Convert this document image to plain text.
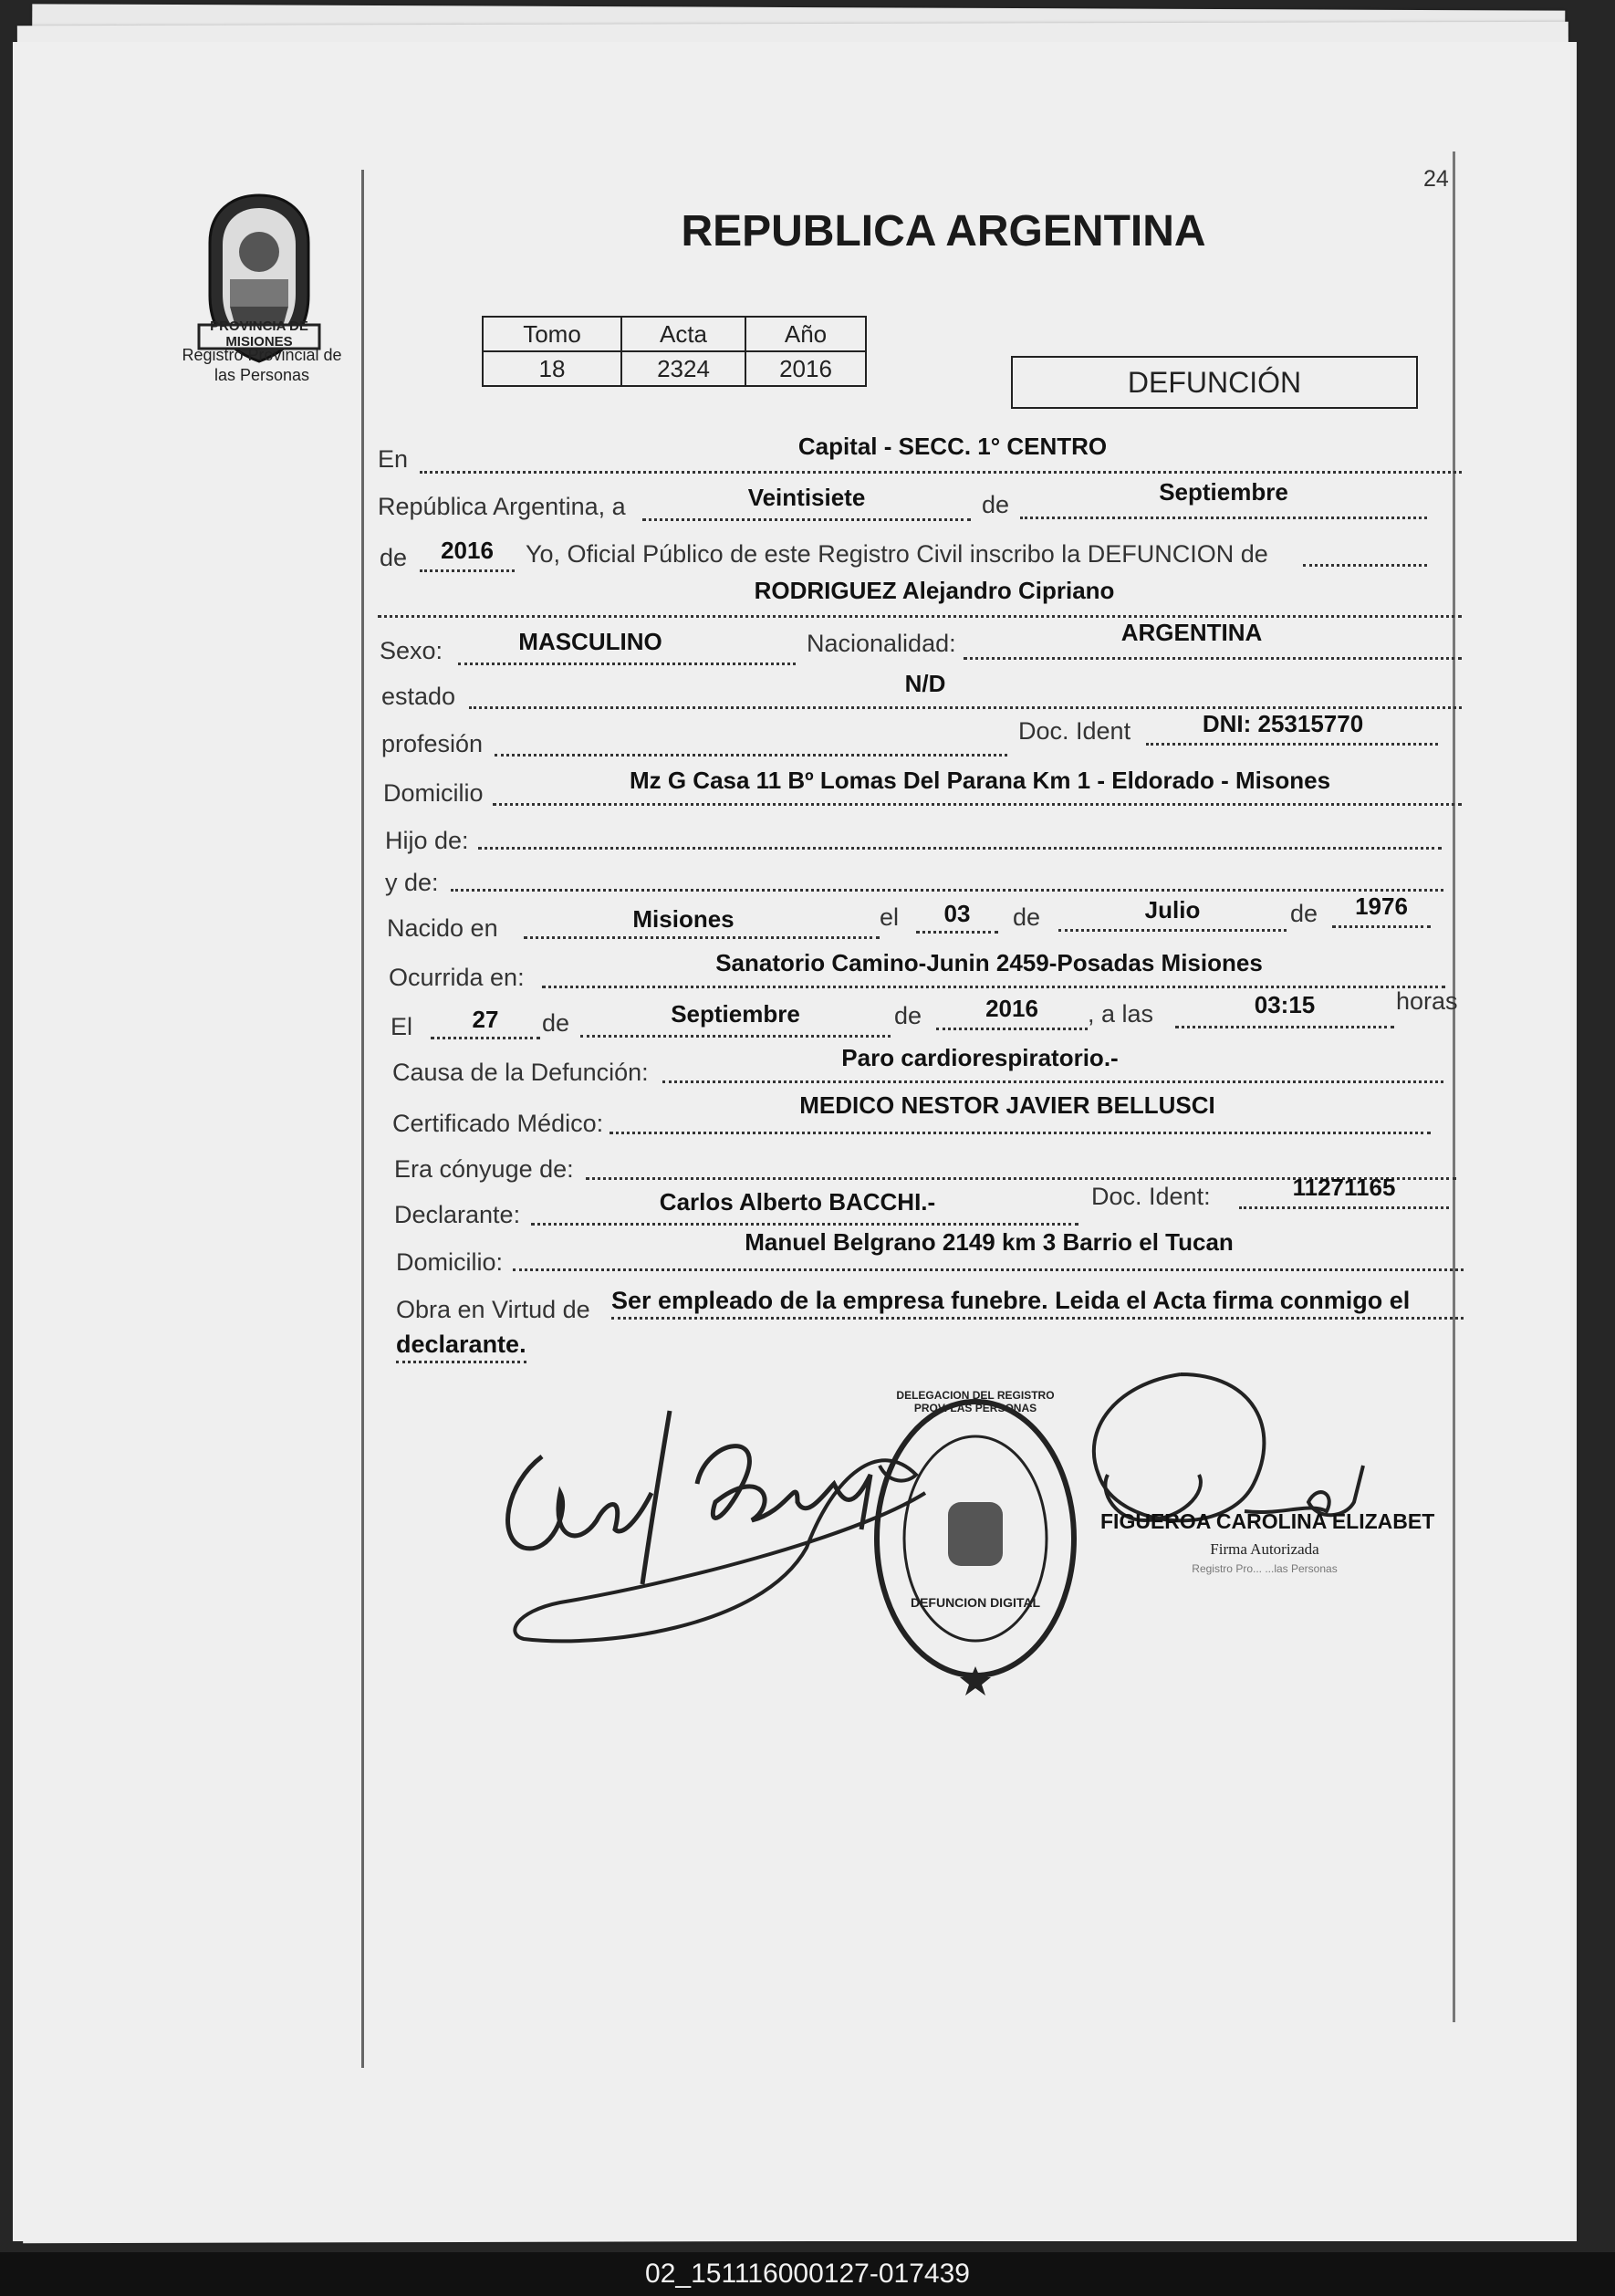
24
PROVINCIA DE MISIONES
Registro Provincial de
las Personas
REPUBLICA ARGENTINA
Tomo	Acta	Año
18	2324	2016	DEFUNCIÓN
En	Capital - SECC. 1° CENTRO
República Argentina, a	Veintisiete	de	Septiembre
de	2016	Yo, Oficial Público de este Registro Civil inscribo la DEFUNCION de
RODRIGUEZ Alejandro Cipriano
Sexo:	MASCULINO	Nacionalidad:	ARGENTINA
estado	N/D
profesión	Doc. Ident	DNI: 25315770
Domicilio	Mz G Casa 11 Bº Lomas Del Parana Km 1 - Eldorado - Misones
Hijo de:
y de:
Nacido en	Misiones	el	03	de	Julio	de	1976
Ocurrida en:
Sanatorio Camino-Junin 2459-Posadas Misiones
El	27	de	Septiembre	de	2016	, a las	03:15	horas
Causa de la Defunción:
Paro cardiorespiratorio.-
Certificado Médico:
MEDICO NESTOR JAVIER BELLUSCI
Era cónyuge de:
Declarante:	Carlos Alberto BACCHI.-	Doc. Ident:	11271165
Domicilio:
Manuel Belgrano 2149 km 3 Barrio el Tucan
Obra en Virtud de Ser empleado de la empresa funebre. Leida el Acta firma conmigo el
declarante.
DEFUNCION DIGITAL
DELEGACION DEL REGISTRO PROV. LAS PERSONAS
FIGUEROA CAROLINA ELIZABET
Firma Autorizada
Registro Pro... ...las Personas
02_151116000127-017439
